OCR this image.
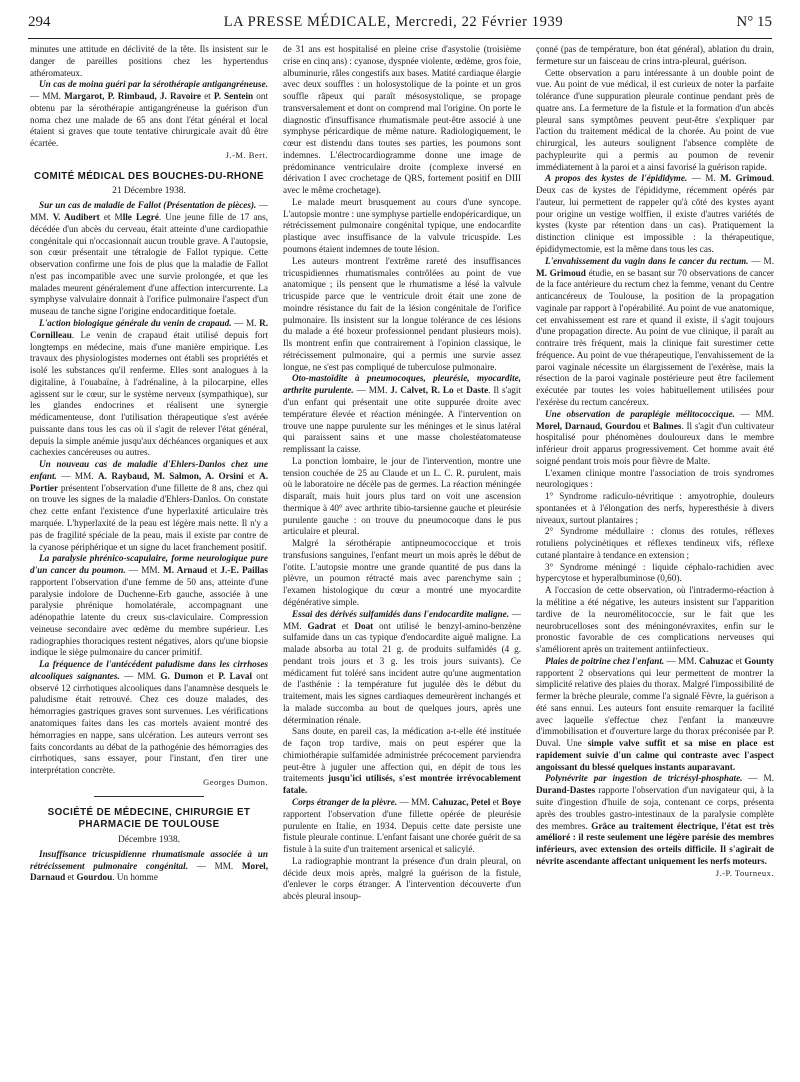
294	LA PRESSE MÉDICALE, Mercredi, 22 Février 1939	N° 15

minutes une attitude en déclivité de la tête. Ils insistent sur le danger de pareilles positions chez les hypertendus athéromateux.

Un cas de moina guéri par la sérothérapie antigangréneuse. — MM. Margarot, P. Rimbaud, J. Ravoire et P. Sentein ont obtenu par la sérothérapie antigangréneuse la guérison d'un noma chez une malade de 65 ans dont l'état général et local étaient si graves que toute tentative chirurgicale avait dû être écartée.

J.-M. Bert.

COMITÉ MÉDICAL DES BOUCHES-DU-RHONE
21 Décembre 1938.

Sur un cas de maladie de Fallot (Présentation de pièces). — MM. V. Audibert et Mlle Legré. Une jeune fille de 17 ans, décédée d'un abcès du cerveau, était atteinte d'une cardiopathie congénitale qui n'occasionnait aucun trouble grave. A l'autopsie, son cœur présentait une tétralogie de Fallot typique. Cette observation confirme une fois de plus que la maladie de Fallot n'est pas incompatible avec une survie prolongée, et que les malades meurent généralement d'une affection intercurrente. La symphyse valvulaire donnait à l'orifice pulmonaire l'aspect d'un museau de tanche signe l'origine endocarditique foetale.

L'action biologique générale du venin de crapaud. — M. R. Cornilleau. Le venin de crapaud était utilisé depuis fort longtemps en médecine, mais d'une manière empirique. Les travaux des physiologistes modernes ont établi ses propriétés et isolé les substances qu'il renferme. Elles sont analogues à la digitaline, à l'ouabaïne, à l'adrénaline, à la pilocarpine, elles agissent sur le cœur, sur le système nerveux (sympathique), sur les glandes endocrines et réalisent une synergie médicamenteuse, dont l'utilisation thérapeutique s'est avérée puissante dans tous les cas où il s'agit de relever l'état général, depuis la simple anémie jusqu'aux déchéances organiques et aux cachexies cancéreuses ou autres.

Un nouveau cas de maladie d'Ehlers-Danlos chez une enfant. — MM. A. Raybaud, M. Salmon, A. Orsini et A. Portier présentent l'observation d'une fillette de 8 ans, chez qui on trouve les signes de la maladie d'Ehlers-Danlos. On constate chez cette enfant l'existence d'une hyperlaxité articulaire très marquée. L'hyperlaxité de la peau est légère mais nette. Il n'y a pas de fragilité spéciale de la peau, mais il existe par contre de la cyanose périphérique et un signe du lacet franchement positif.

La paralysie phrénico-scapulaire, forme neurologique pure d'un cancer du poumon. — MM. M. Arnaud et J.-E. Paillas rapportent l'observation d'une femme de 50 ans, atteinte d'une paralysie indolore de Duchenne-Erb gauche, associée à une paralysie phrénique homolatérale, accompagnant une adénopathie latente du creux sus-claviculaire. Compression veineuse secondaire avec œdème du membre supérieur. Les radiographies thoraciques restent négatives, alors qu'une biopsie indique le siège pulmonaire du cancer primitif.

La fréquence de l'antécédent paludisme dans les cirrhoses alcooliques saignantes. — MM. G. Dumon et P. Laval ont observé 12 cirrhotiques alcooliques dans l'anamnèse desquels le paludisme était retrouvé. Chez ces douze malades, des hémorragies gastriques graves sont survenues. Les vérifications anatomiques faites dans les cas mortels avaient montré des hémorragies en nappe, sans ulcération. Les auteurs verront ses faits concordants au débat de la pathogénie des hémorragies des cirrhotiques, sans essayer, pour l'instant, d'en tirer une interprétation concrète.

Georges Dumon.

SOCIÉTÉ DE MÉDECINE, CHIRURGIE ET PHARMACIE DE TOULOUSE
Décembre 1938.

Insuffisance tricuspidienne rhumatismale associée à un rétrécissement pulmonaire congénital. — MM. Morel, Darnaud et Gourdou. Un homme

de 31 ans est hospitalisé en pleine crise d'asystolie (troisième crise en cinq ans) : cyanose, dyspnée violente, œdème, gros foie, albuminurie, râles congestifs aux bases. Matité cardiaque élargie avec deux souffles : un holosystolique de la pointe et un gros souffle râpeux qui paraît mésosystolique, se propage transversalement et dont on comprend mal l'origine. On porte le diagnostic d'insuffisance rhumatismale peut-être associé à une symphyse péricardique de même nature. Radiologiquement, le cœur est distendu dans toutes ses parties, les poumons sont indemnes. L'électrocardiogramme donne une image de prédominance ventriculaire droite (complexe inversé en dérivation I avec crochetage de QRS, fortement positif en DIII avec le même crochetage).

Le malade meurt brusquement au cours d'une syncope. L'autopsie montre : une symphyse partielle endopéricardique, un rétrécissement pulmonaire congénital typique, une endocardite plastique avec insuffisance de la valvule tricuspide. Les poumons étaient indemnes de toute lésion.

Les auteurs montrent l'extrême rareté des insuffisances tricuspidiennes rhumatismales contrôlées au point de vue anatomique ; ils pensent que le rhumatisme a lésé la valvule tricuspide parce que le ventricule droit était une zone de moindre résistance du fait de la lésion congénitale de l'orifice pulmonaire. Ils insistent sur la longue tolérance de ces lésions du malade a été boxeur professionnel pendant plusieurs mois). Ils montrent enfin que contrairement à l'opinion classique, le rétrécissement pulmonaire, qui a permis une survie assez longue, ne s'est pas compliqué de tuberculose pulmonaire.

Oto-mastoïdite à pneumocoques, pleurésie, myocardite, arthrite purulente. — MM. J. Calvet, R. Lo et Daste. Il s'agit d'un enfant qui présentait une otite suppurée droite avec température élevée et réaction méningée. A l'intervention on trouve une nappe purulente sur les méninges et le sinus latéral qui paraissent sains et une masse cholestéatomateuse remplissant la caisse.

La ponction lombaire, le jour de l'intervention, montre une tension couchée de 25 au Claude et un L. C. R. purulent, mais où le laboratoire ne décèle pas de germes. La réaction méningée disparaît, mais huit jours plus tard on voit une ascension thermique à 40° avec arthrite tibio-tarsienne gauche et pleurésie purulente gauche : on trouve du pneumocoque dans le pus articulaire et pleural.

Malgré la sérothérapie antipneumococcique et trois transfusions sanguines, l'enfant meurt un mois après le début de l'otite. L'autopsie montre une grande quantité de pus dans la plèvre, un poumon rétracté mais avec parenchyme sain ; l'examen histologique du cœur a montré une myocardite dégénérative simple.

Essai des dérivés sulfamidés dans l'endocardite maligne. — MM. Gadrat et Doat ont utilisé le benzyl-amino-benzène sulfamide dans un cas typique d'endocardite aiguë maligne. La malade absorba au total 21 g. de produits sulfamidés (4 g. pendant trois jours et 3 g. les trois jours suivants). Ce médicament fut toléré sans incident autre qu'une augmentation de l'asthénie : la température fut jugulée dès le début du traitement, mais les signes cardiaques demeurèrent inchangés et la malade succomba au bout de quelques jours, après une détermination rénale.

Sans doute, en pareil cas, la médication a-t-elle été instituée de façon trop tardive, mais on peut espérer que la chimiothérapie sulfamidée administrée précocement parviendra peut-être à juguler une affection qui, en dépit de tous les traitements jusqu'ici utilisés, s'est montrée irrévocablement fatale.

Corps étranger de la plèvre. — MM. Cahuzac, Petel et Boye rapportent l'observation d'une fillette opérée de pleurésie purulente en Italie, en 1934. Depuis cette date persiste une fistule pleurale continue. L'enfant faisant une chorée guérit de sa fistule à la suite d'un traitement arsenical et salicylé.

La radiographie montrant la présence d'un drain pleural, on décide deux mois après, malgré la guérison de la fistule, d'enlever le corps étranger. A l'intervention découverte d'un abcès pleural insoup-

çonné (pas de température, bon état général), ablation du drain, fermeture sur un faisceau de crins intra-pleural, guérison.

Cette observation a paru intéressante à un double point de vue. Au point de vue médical, il est curieux de noter la parfaite tolérance d'une suppuration pleurale continue pendant près de quatre ans. La fermeture de la fistule et la formation d'un abcès pleural sans symptômes peuvent peut-être s'expliquer par l'action du traitement médical de la chorée. Au point de vue chirurgical, les auteurs soulignent l'absence complète de pachypleurite qui a permis au poumon de revenir immédiatement à la paroi et a ainsi favorisé la guérison rapide.

A propos des kystes de l'épididyme. — M. M. Grimoud. Deux cas de kystes de l'épididyme, récemment opérés par l'auteur, lui permettent de rappeler qu'à côté des kystes ayant pour origine un vestige wolffien, il existe d'autres variétés de kystes (kyste par rétention dans un cas). Pratiquement la distinction clinique est impossible : la thérapeutique, épididymectomie, est la même dans tous les cas.

L'envahissement du vagin dans le cancer du rectum. — M. M. Grimoud étudie, en se basant sur 70 observations de cancer de la face antérieure du rectum chez la femme, venant du Centre anticancéreux de Toulouse, la position de la propagation vaginale par rapport à l'opérabilité. Au point de vue anatomique, cet envahissement est rare et quand il existe, il s'agit toujours d'une propagation directe. Au point de vue clinique, il paraît au contraire très fréquent, mais la clinique fait surestimer cette fréquence. Au point de vue thérapeutique, l'envahissement de la paroi vaginale nécessite un élargissement de l'exérèse, mais la résection de la paroi vaginale postérieure peut être facilement exécutée par toutes les voies habituellement utilisées pour l'exérèse du rectum cancéreux.

Une observation de paraplégie mélitococcique. — MM. Morel, Darnaud, Gourdou et Balmes. Il s'agit d'un cultivateur hospitalisé pour phénomènes douloureux dans le membre inférieur droit apparus progressivement. Cet homme avait été soigné pendant trois mois pour fièvre de Malte.

L'examen clinique montre l'association de trois syndromes neurologiques :

1° Syndrome radiculo-névritique : amyotrophie, douleurs spontanées et à l'élongation des nerfs, hyperesthésie à divers niveaux, surtout plantaires ;

2° Syndrome médullaire : clonus des rotules, réflexes rotuliens polycinétiques et réflexes tendineux vifs, réflexe cutané plantaire à tendance en extension ;

3° Syndrome méningé : liquide céphalo-rachidien avec hypercytose et hyperalbuminose (0,60).

A l'occasion de cette observation, où l'intradermo-réaction à la mélitine a été négative, les auteurs insistent sur l'apparition tardive de la neuromélitococcie, sur le fait que les neurobrucelloses sont des méningonévraxites, enfin sur le pronostic favorable de ces complications nerveuses qui s'améliorent après un traitement antiinfectieux.

Plaies de poitrine chez l'enfant. — MM. Cahuzac et Gounty rapportent 2 observations qui leur permettent de montrer la simplicité relative des plaies du thorax. Malgré l'impossibilité de fermer la brèche pleurale, comme l'a signalé Fèvre, la guérison a été sans ennui. Les auteurs font ensuite remarquer la facilité avec laquelle s'effectue chez l'enfant la manœuvre d'immobilisation et d'ouverture large du thorax préconisée par P. Duval. Une simple valve suffit et sa mise en place est rapidement suivie d'un calme qui contraste avec l'aspect angoissant du blessé quelques instants auparavant.

Polynévrite par ingestion de tricrésyl-phosphate. — M. Durand-Dastes rapporte l'observation d'un navigateur qui, à la suite d'ingestion d'huile de soja, contenant ce corps, présenta après des troubles gastro-intestinaux de la paralysie complète des membres. Grâce au traitement électrique, l'état est très amélioré : il reste seulement une légère parésie des membres inférieurs, avec extension des orteils difficile. Il s'agirait de névrite ascendante affectant uniquement les nerfs moteurs.

J.-P. Tourneux.
